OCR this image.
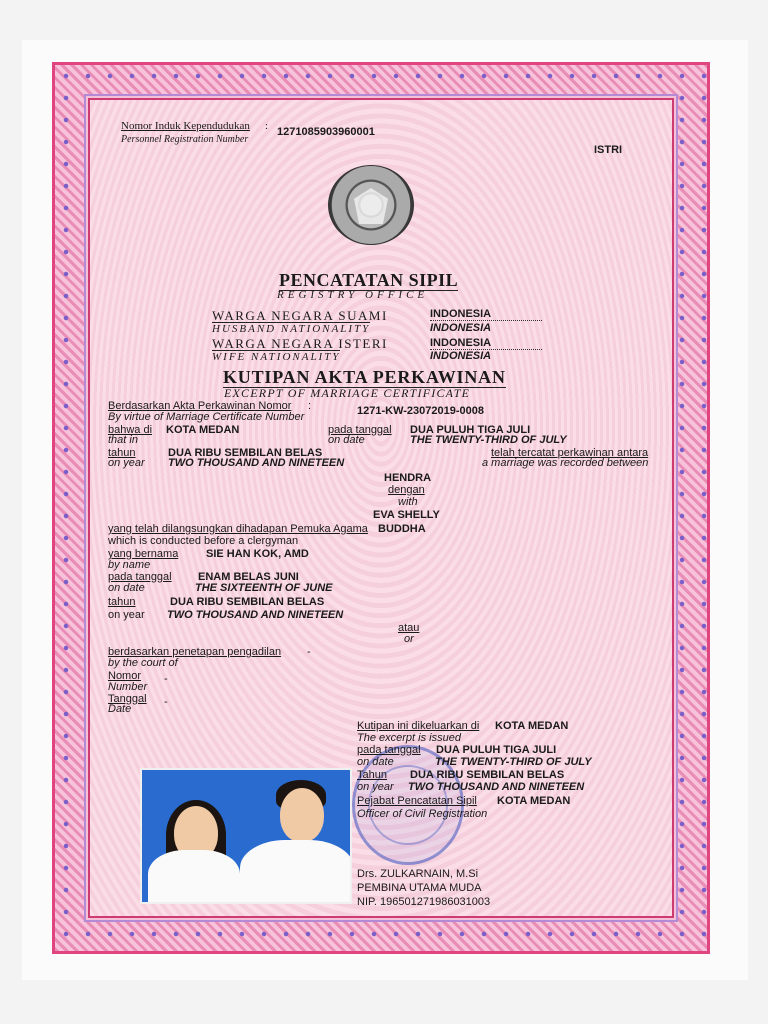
Nomor Induk Kependudukan :
Personnel Registration Number
1271085903960001
ISTRI
PENCATATAN SIPIL
REGISTRY OFFICE
WARGA NEGARA SUAMI
HUSBAND NATIONALITY
INDONESIA
INDONESIA
WARGA NEGARA ISTERI
WIFE NATIONALITY
INDONESIA
INDONESIA
KUTIPAN AKTA PERKAWINAN
EXCERPT OF MARRIAGE CERTIFICATE
Berdasarkan Akta Perkawinan Nomor :
By virtue of Marriage Certificate Number	1271-KW-23072019-0008
bahwa di
that in
KOTA MEDAN	pada tanggal
on date
DUA PULUH TIGA JULI
THE TWENTY-THIRD OF JULY
tahun
on year
DUA RIBU SEMBILAN BELAS
TWO THOUSAND AND NINETEEN
telah tercatat perkawinan antara
a marriage was recorded between
HENDRA
dengan
with
EVA SHELLY
yang telah dilangsungkan dihadapan Pemuka Agama BUDDHA
which is conducted before a clergyman
yang bernama
by name
SIE HAN KOK, AMD
pada tanggal
on date
ENAM BELAS JUNI
THE SIXTEENTH OF JUNE
tahun
on year
DUA RIBU SEMBILAN BELAS
TWO THOUSAND AND NINETEEN
atau
or
berdasarkan penetapan pengadilan -
by the court of
Nomor -
Number
Tanggal -
Date
Kutipan ini dikeluarkan di
The excerpt is issued
KOTA MEDAN
pada tanggal
on date
DUA PULUH TIGA JULI
THE TWENTY-THIRD OF JULY
Tahun
on year
DUA RIBU SEMBILAN BELAS
TWO THOUSAND AND NINETEEN
Pejabat Pencatatan Sipil
Officer of Civil Registration
KOTA MEDAN
Drs. ZULKARNAIN, M.Si
PEMBINA UTAMA MUDA
NIP. 196501271986031003
